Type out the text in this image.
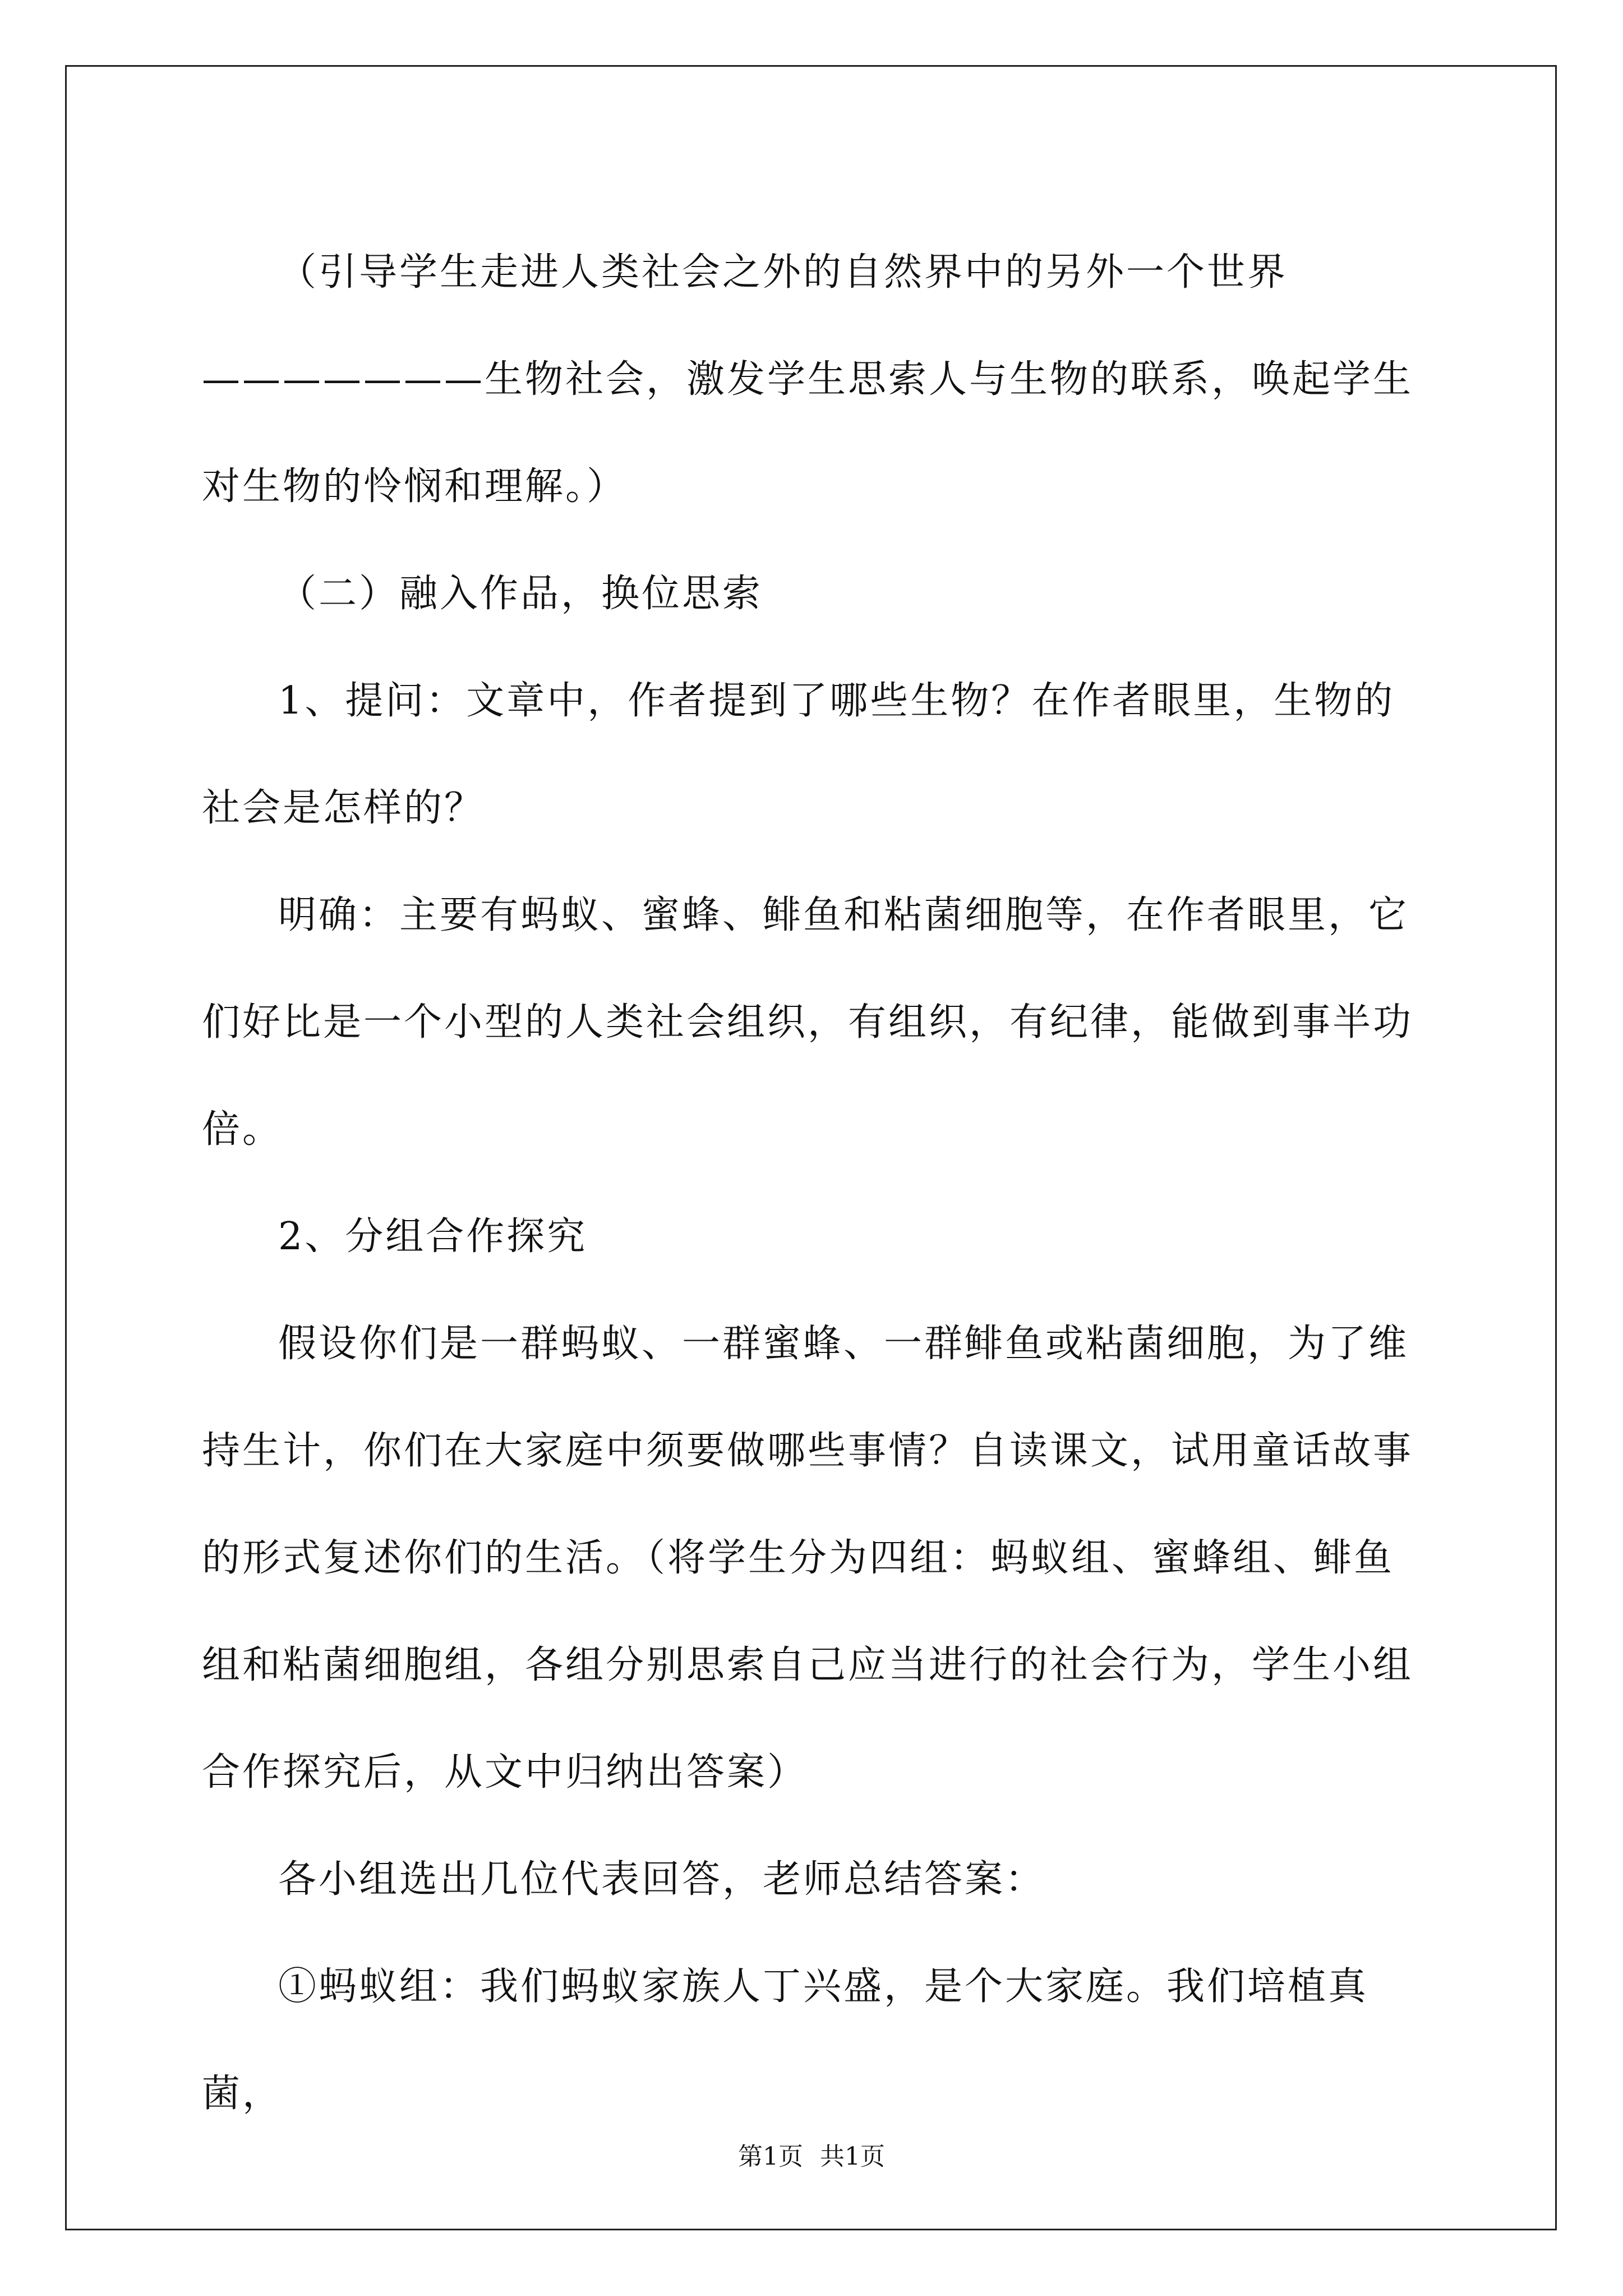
（引导学生走进人类社会之外的自然界中的另外一个世界———————生物社会，激发学生思索人与生物的联系，唤起学生对生物的怜悯和理解。）

（二）融入作品，换位思索

1、提问：文章中，作者提到了哪些生物？在作者眼里，生物的社会是怎样的？

明确：主要有蚂蚁、蜜蜂、鲱鱼和粘菌细胞等，在作者眼里，它们好比是一个小型的人类社会组织，有组织，有纪律，能做到事半功倍。

2、分组合作探究

假设你们是一群蚂蚁、一群蜜蜂、一群鲱鱼或粘菌细胞，为了维持生计，你们在大家庭中须要做哪些事情？自读课文，试用童话故事的形式复述你们的生活。（将学生分为四组：蚂蚁组、蜜蜂组、鲱鱼组和粘菌细胞组，各组分别思索自己应当进行的社会行为，学生小组合作探究后，从文中归纳出答案）

各小组选出几位代表回答，老师总结答案：

①蚂蚁组：我们蚂蚁家族人丁兴盛，是个大家庭。我们培植真菌，

第1页 共1页
